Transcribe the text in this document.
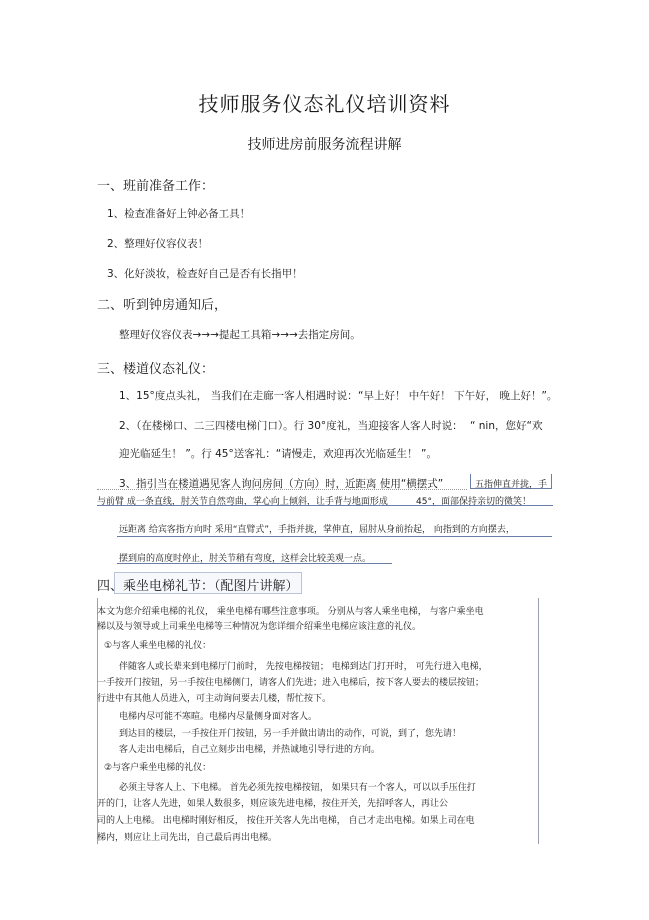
技师服务仪态礼仪培训资料
技师进房前服务流程讲解
一、班前准备工作：
1、检查准备好上钟必备工具！
2、整理好仪容仪表！
3、化好淡妆，检查好自己是否有长指甲！
二、听到钟房通知后，
整理好仪容仪表→→→提起工具箱→→→去指定房间。
三、楼道仪态礼仪：
1、15°度点头礼， 当我们在走廊一客人相遇时说： “早上好！ 中午好！ 下午好， 晚上好！”。
2、（在楼梯口、二三四楼电梯门口）。行 30°度礼，当迎接客人客人时说： “ nin，您好“欢
迎光临延生！ ”。行 45°送客礼：“请慢走，欢迎再次光临延生！ ”。
3、指引当在楼道遇见客人询问房间（方向）时，
近距离 使用“横摆式”	五指伸直并拢，手
与前臂 成一条直线，肘关节自然弯曲，掌心向上倾斜，让手背与地面形成	45°，面部保持亲切的微笑！
远距离 给宾客指方向时 采用“直臂式”，手指并拢，掌伸直，屈肘从身前抬起， 向指到的方向摆去，
摆到肩的高度时停止，肘关节稍有弯度，这样会比较美观一点。
四、乘坐电梯礼节：（配图片讲解）
本文为您介绍乘电梯的礼仪， 乘坐电梯有哪些注意事项。 分别从与客人乘坐电梯， 与客户乘坐电
梯以及与领导或上司乘坐电梯等三种情况为您详细介绍乘坐电梯应该注意的礼仪。
①与客人乘坐电梯的礼仪：
伴随客人或长辈来到电梯厅门前时， 先按电梯按钮； 电梯到达门打开时， 可先行进入电梯，
一手按开门按钮，另一手按住电梯侧门，请客人们先进；进入电梯后，按下客人要去的楼层按钮；
行进中有其他人员进入，可主动询问要去几楼，帮忙按下。
电梯内尽可能不寒暄。电梯内尽量侧身面对客人。
到达目的楼层，一手按住开门按钮，另一手并做出请出的动作，可说，到了，您先请！
客人走出电梯后，自己立刻步出电梯，并热诚地引导行进的方向。
②与客户乘坐电梯的礼仪：
必须主导客人上、下电梯。 首先必须先按电梯按钮， 如果只有一个客人，可以以手压住打
开的门，让客人先进，如果人数很多，则应该先进电梯，按住开关，先招呼客人，再让公
司的人上电梯。 出电梯时刚好相反， 按住开关客人先出电梯， 自己才走出电梯。如果上司在电
梯内，则应让上司先出，自己最后再出电梯。
